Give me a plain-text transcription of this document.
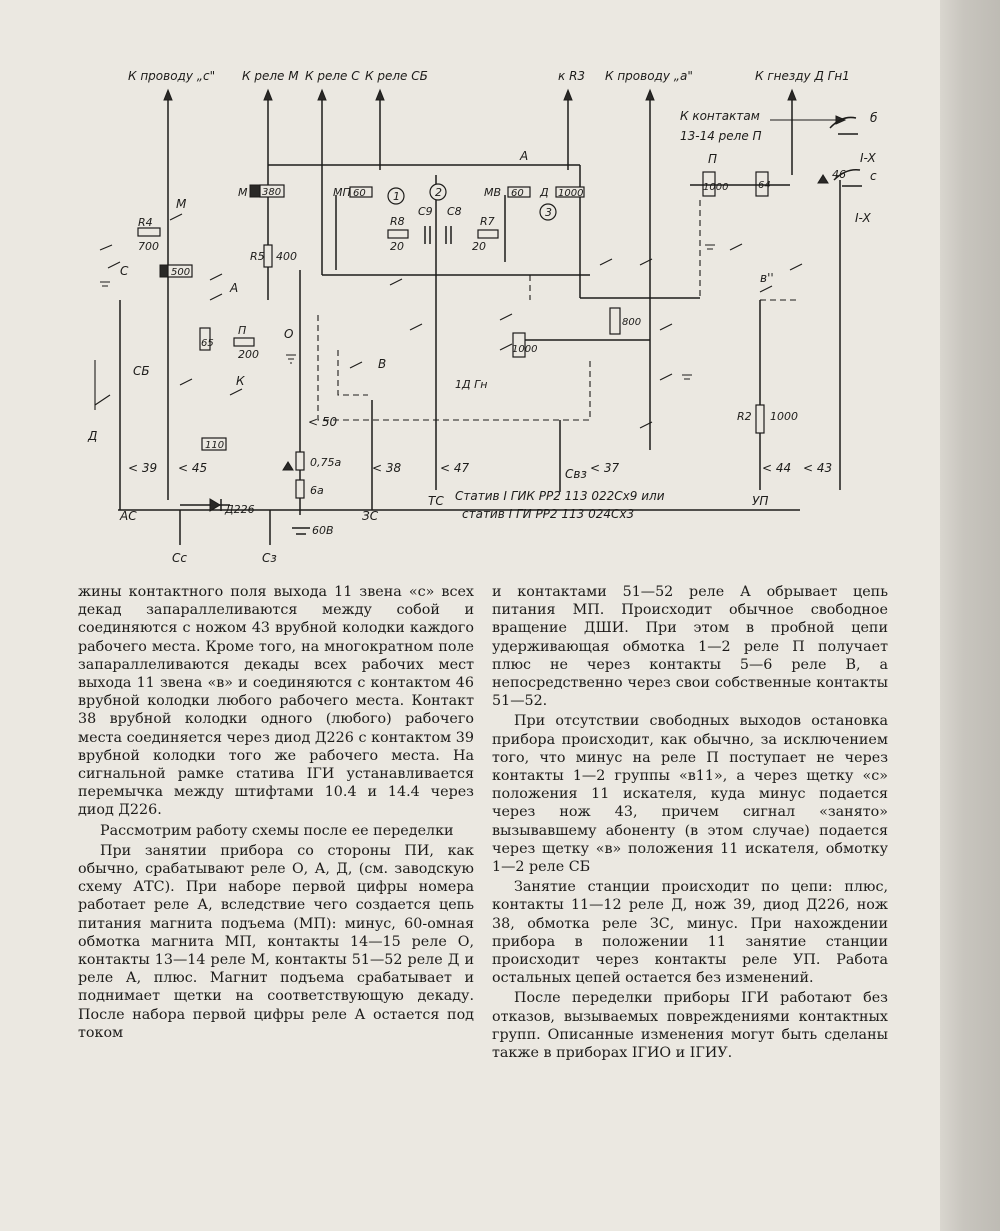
К проводу „с" К реле М К реле С К реле СБ	к R3 К проводу „а"	К гнезду Д Гн1
К контактам
13-14 реле П
R4
700
R5 400
R8
20
R7
20
R2 1000
П
200
C9 C8
МП 60	МВ 60 Д 1000
М 380
500
65
110
800
1000
1000	64
1	2
3
0,75а
6а
Д226
60В
1Д Гн
46
б
с
I-X
I-X
М
С
А
СБ
Д
К
П
О
В
в''
А
АС	ЗС
ТС	УП
Сс	Сз
Свз
< 39 < 45
< 50
< 38	< 47	< 37	< 44 < 43
Статив I ГИК РР2 113 022Сх9 или
статив I ГИ РР2 113 024Сх3

жины контактного поля выхода 11 звена «с» всех декад запараллеливаются между собой и соединяются с ножом 43 врубной колодки каждого рабочего места. Кроме того, на многократном поле запараллеливаются декады всех рабочих мест выхода 11 звена «в» и соединяются с контактом 46 врубной колодки любого рабочего места. Контакт 38 врубной колодки одного (любого) рабочего места соединяется через диод Д226 с контактом 39 врубной колодки того же рабочего места. На сигнальной рамке статива ІГИ устанавливается перемычка между штифтами 10.4 и 14.4 через диод Д226.

Рассмотрим работу схемы после ее переделки

При занятии прибора со стороны ПИ, как обычно, срабатывают реле О, А, Д, (см. заводскую схему АТС). При наборе первой цифры номера работает реле А, вследствие чего создается цепь питания магнита подъема (МП): минус, 60-омная обмотка магнита МП, контакты 14—15 реле О, контакты 13—14 реле М, контакты 51—52 реле Д и реле А, плюс. Магнит подъема срабатывает и поднимает щетки на соответствующую декаду. После набора первой цифры реле А остается под током

и контактами 51—52 реле А обрывает цепь питания МП. Происходит обычное свободное вращение ДШИ. При этом в пробной цепи удерживающая обмотка 1—2 реле П получает плюс не через контакты 5—6 реле В, а непосредственно через свои собственные контакты 51—52.

При отсутствии свободных выходов остановка прибора происходит, как обычно, за исключением того, что минус на реле П поступает не через контакты 1—2 группы «в11», а через щетку «с» положения 11 искателя, куда минус подается через нож 43, причем сигнал «занято» вызывавшему абоненту (в этом случае) подается через щетку «в» положения 11 искателя, обмотку 1—2 реле СБ

Занятие станции происходит по цепи: плюс, контакты 11—12 реле Д, нож 39, диод Д226, нож 38, обмотка реле ЗС, минус. При нахождении прибора в положении 11 занятие станции происходит через контакты реле УП. Работа остальных цепей остается без изменений.

После переделки приборы ІГИ работают без отказов, вызываемых повреждениями контактных групп. Описанные изменения могут быть сделаны также в приборах ІГИО и ІГИУ.
